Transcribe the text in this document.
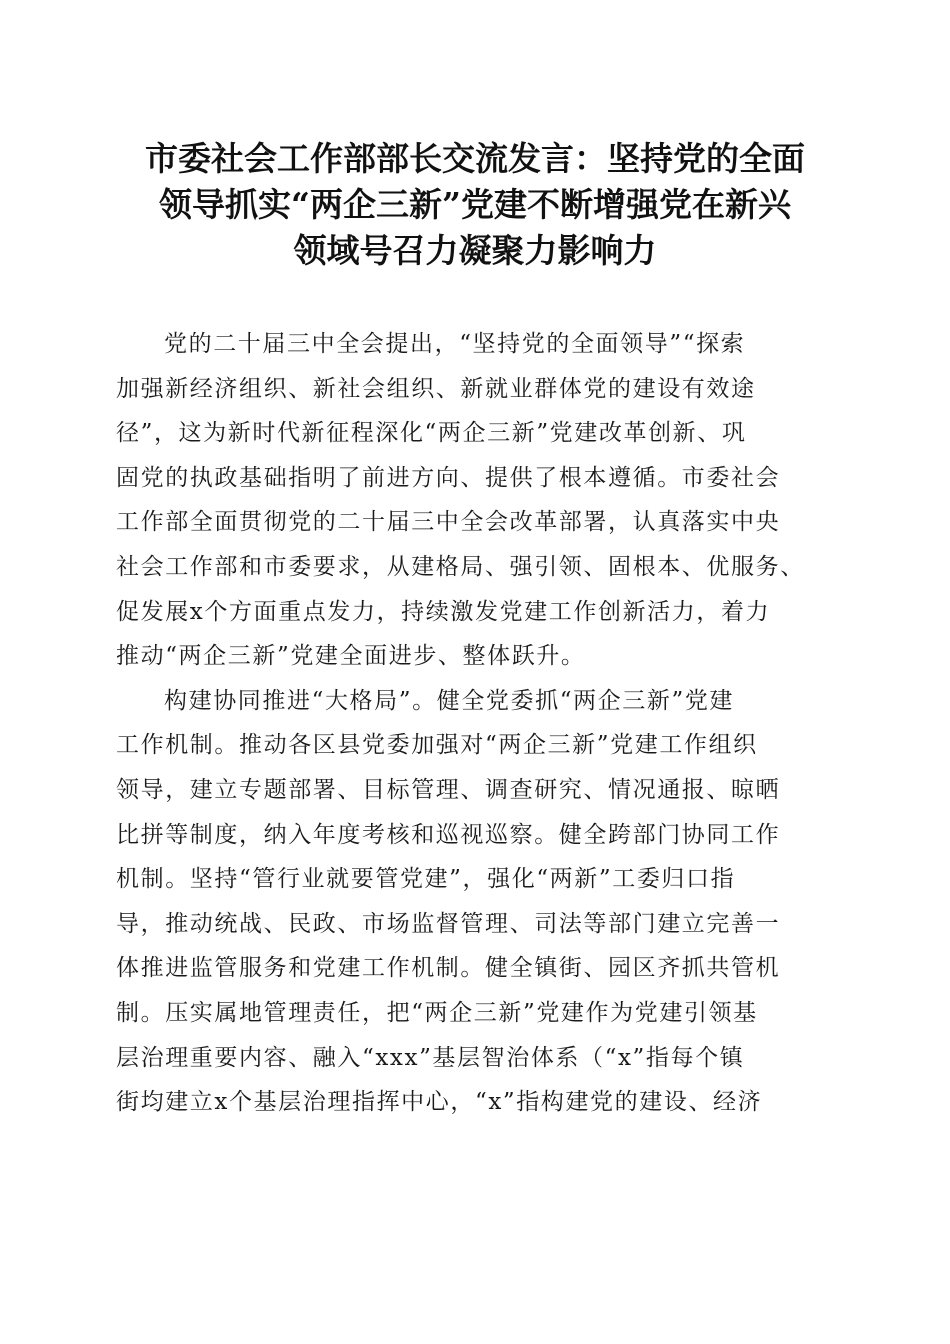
市委社会工作部部长交流发言：坚持党的全面
领导抓实“两企三新”党建不断增强党在新兴
领域号召力凝聚力影响力

党的二十届三中全会提出，“坚持党的全面领导”“探索
加强新经济组织、新社会组织、新就业群体党的建设有效途
径”，这为新时代新征程深化“两企三新”党建改革创新、巩
固党的执政基础指明了前进方向、提供了根本遵循。市委社会
工作部全面贯彻党的二十届三中全会改革部署，认真落实中央
社会工作部和市委要求，从建格局、强引领、固根本、优服务、
促发展x个方面重点发力，持续激发党建工作创新活力，着力
推动“两企三新”党建全面进步、整体跃升。

构建协同推进“大格局”。健全党委抓“两企三新”党建
工作机制。推动各区县党委加强对“两企三新”党建工作组织
领导，建立专题部署、目标管理、调查研究、情况通报、晾晒
比拼等制度，纳入年度考核和巡视巡察。健全跨部门协同工作
机制。坚持“管行业就要管党建”，强化“两新”工委归口指
导，推动统战、民政、市场监督管理、司法等部门建立完善一
体推进监管服务和党建工作机制。健全镇街、园区齐抓共管机
制。压实属地管理责任，把“两企三新”党建作为党建引领基
层治理重要内容、融入“xxx”基层智治体系（“x”指每个镇
街均建立x个基层治理指挥中心，“x”指构建党的建设、经济
